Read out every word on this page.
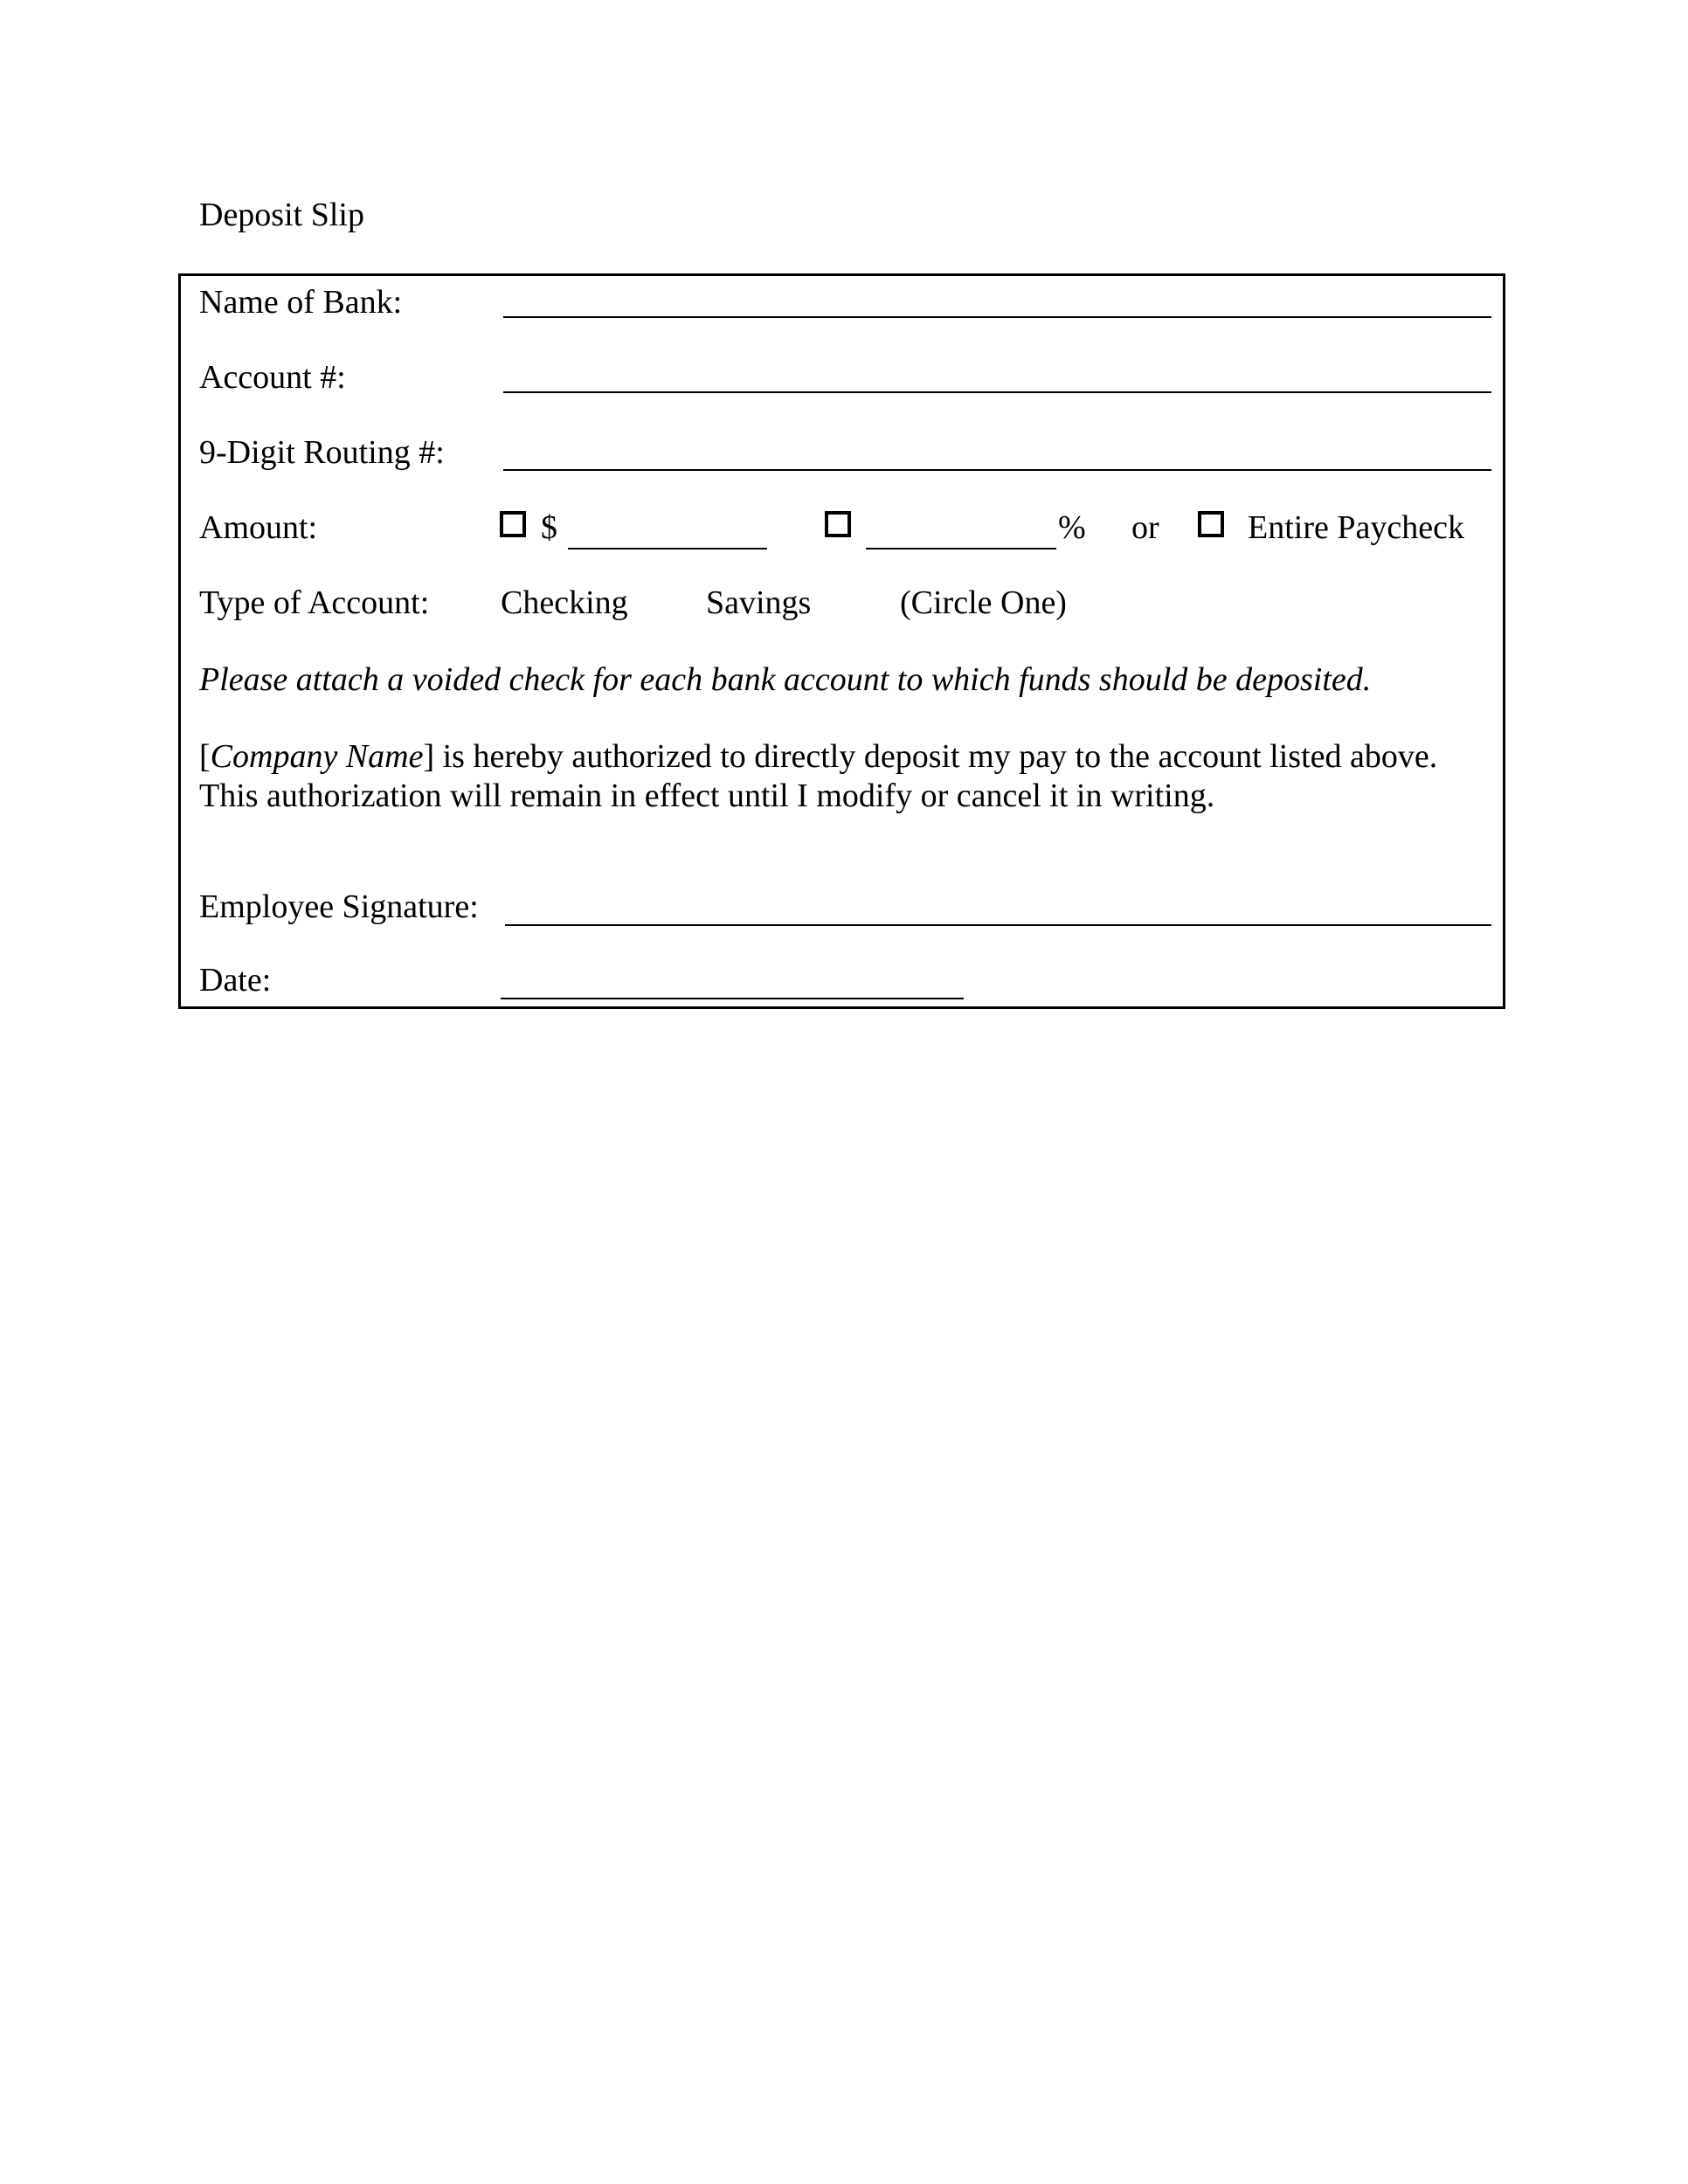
Deposit Slip
Name of Bank:
Account #:
9-Digit Routing #:
Amount:	$	% or	Entire Paycheck
Type of Account: Checking Savings	(Circle One)
Please attach a voided check for each bank account to which funds should be deposited.
[Company Name] is hereby authorized to directly deposit my pay to the account listed above.
This authorization will remain in effect until I modify or cancel it in writing.
Employee Signature:
Date:
